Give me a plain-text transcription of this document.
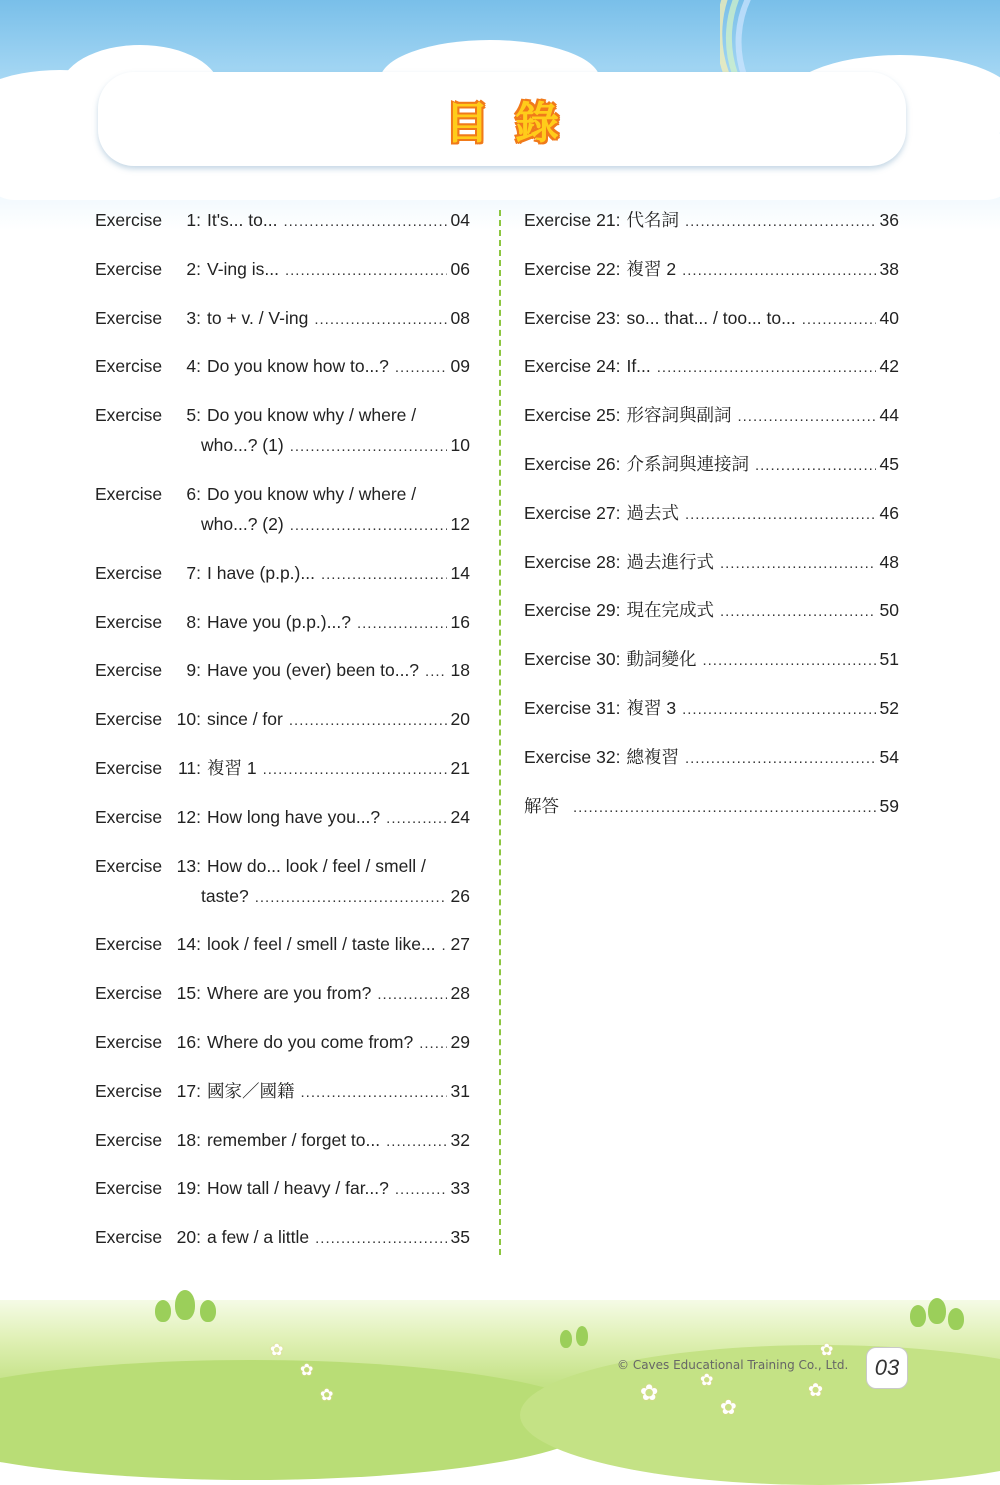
目錄
Exercise	1 : It's... to... .....	04
Exercise	2 : V-ing is... .....	06
Exercise	3 : to + v. / V-ing .....	08
Exercise	4 : Do you know how to...? .....	09
Exercise	5 : Do you know why / where /
who...? (1) .....	10
Exercise	6 : Do you know why / where /
who...? (2) .....	12
Exercise	7 : I have (p.p.)... .....	14
Exercise	8 : Have you (p.p.)...? .....	16
Exercise	9 : Have you (ever) been to...? ..... 18
Exercise 10 : since / for .....	20
Exercise 11 : 複習 1 .....	21
Exercise 12 : How long have you...? .....	24
Exercise 13 : How do... look / feel / smell /
taste? .....	26
Exercise 14 : look / feel / smell / taste like... ..... 27
Exercise 15 : Where are you from? .....	28
Exercise 16 : Where do you come from? ..... 29
Exercise 17 : 國家／國籍 .....	31
Exercise 18 : remember / forget to... .....	32
Exercise 19 : How tall / heavy / far...? .....	33
Exercise 20 : a few / a little .....	35
Exercise 21 : 代名詞 .....	36
Exercise 22 : 複習 2 .....	38
Exercise 23 : so... that... / too... to... .....	40
Exercise 24 : If... .....	42
Exercise 25 : 形容詞與副詞 .....	44
Exercise 26 : 介系詞與連接詞 .....	45
Exercise 27 : 過去式 .....	46
Exercise 28 : 過去進行式 .....	48
Exercise 29 : 現在完成式 .....	50
Exercise 30 : 動詞變化 .....	51
Exercise 31 : 複習 3 .....	52
Exercise 32 : 總複習 .....	54
解答 .....	59
✿
✿
✿	✿	✿
✿
✿
✿
© Caves Educational Training Co., Ltd.	03
